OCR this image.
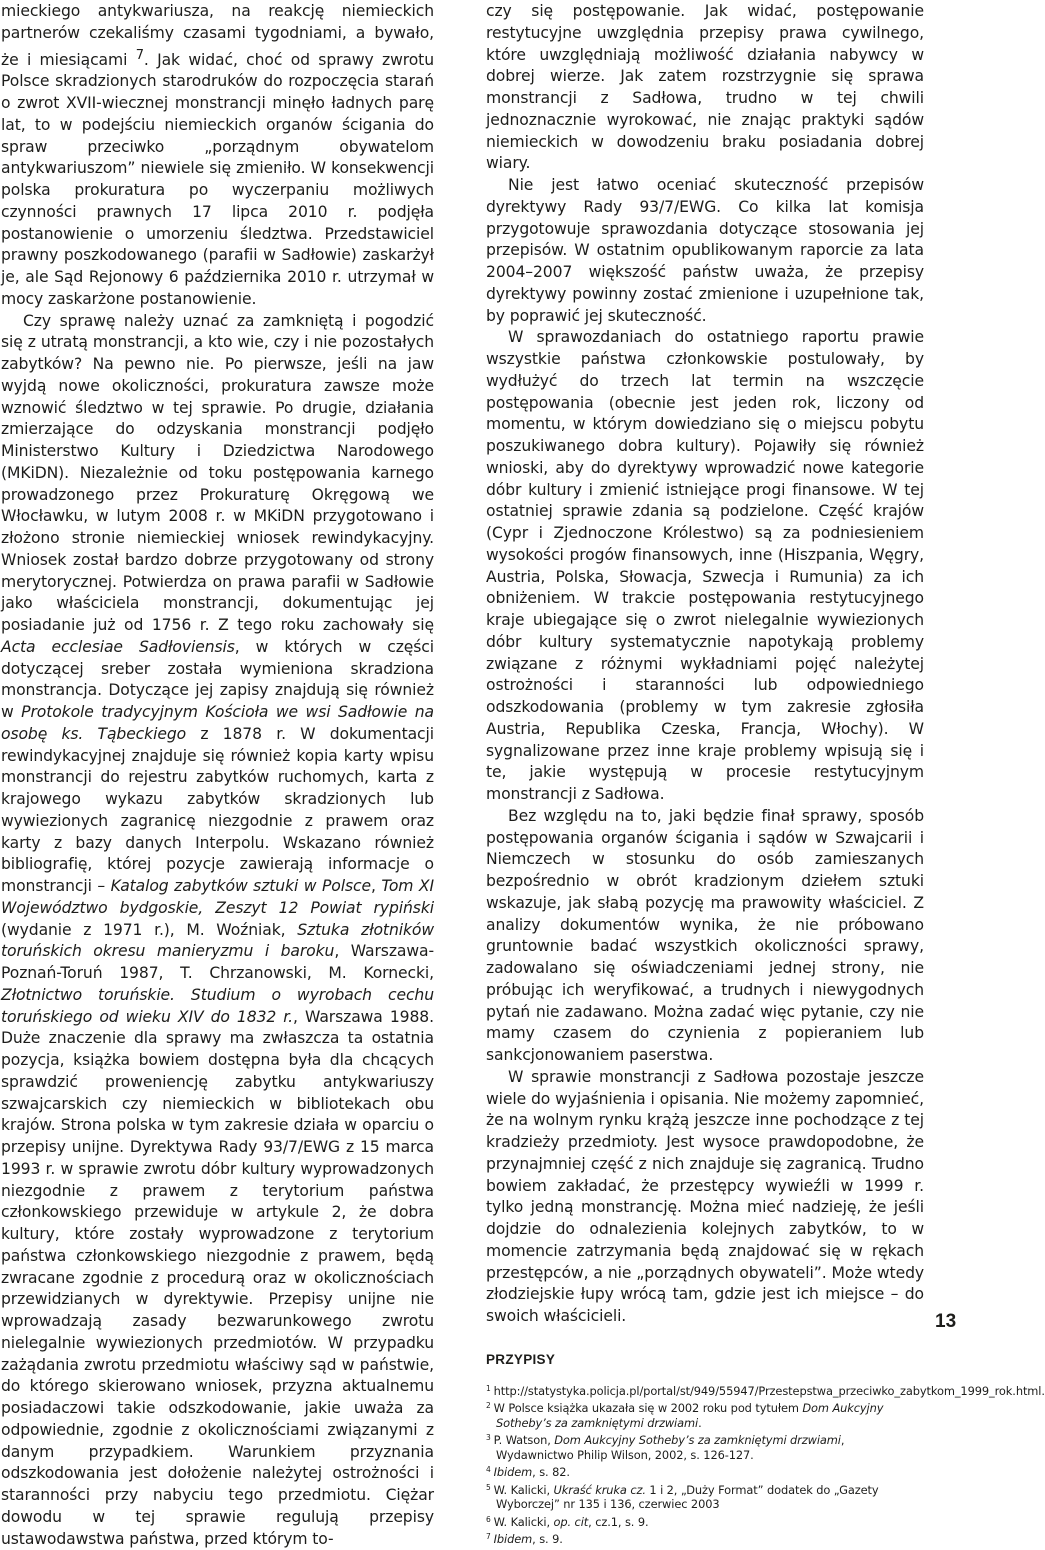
mieckiego antykwariusza, na reakcję niemieckich partnerów czekaliśmy czasami tygodniami, a bywało, że i miesiącami $^7$. Jak widać, choć od sprawy zwrotu Polsce skradzionych starodruków do rozpoczęcia starań o zwrot XVII-wiecznej monstrancji minęło ładnych parę lat, to w podejściu niemieckich organów ścigania do spraw przeciwko „porządnym obywatelom antykwariuszom” niewiele się zmieniło. W konsekwencji polska prokuratura po wyczerpaniu możliwych czynności prawnych 17 lipca 2010 r. podjęła postanowienie o umorzeniu śledztwa. Przedstawiciel prawny poszkodowanego (parafii w Sadłowie) zaskarżył je, ale Sąd Rejonowy 6 października 2010 r. utrzymał w mocy zaskarżone postanowienie.

Czy sprawę należy uznać za zamkniętą i pogodzić się z utratą monstrancji, a kto wie, czy i nie pozostałych zabytków? Na pewno nie. Po pierwsze, jeśli na jaw wyjdą nowe okoliczności, prokuratura zawsze może wznowić śledztwo w tej sprawie. Po drugie, działania zmierzające do odzyskania monstrancji podjęło Ministerstwo Kultury i Dziedzictwa Narodowego (MKiDN). Niezależnie od toku postępowania karnego prowadzonego przez Prokuraturę Okręgową we Włocławku, w lutym 2008 r. w MKiDN przygotowano i złożono stronie niemieckiej wniosek rewindykacyjny. Wniosek został bardzo dobrze przygotowany od strony merytorycznej. Potwierdza on prawa parafii w Sadłowie jako właściciela monstrancji, dokumentując jej posiadanie już od 1756 r. Z tego roku zachowały się Acta ecclesiae Sadłoviensis, w których w części dotyczącej sreber została wymieniona skradziona monstrancja. Dotyczące jej zapisy znajdują się również w Protokole tradycyjnym Kościoła we wsi Sadłowie na osobę ks. Tąbeckiego z 1878 r. W dokumentacji rewindykacyjnej znajduje się również kopia karty wpisu monstrancji do rejestru zabytków ruchomych, karta z krajowego wykazu zabytków skradzionych lub wywiezionych zagranicę niezgodnie z prawem oraz karty z bazy danych Interpolu. Wskazano również bibliografię, której pozycje zawierają informacje o monstrancji – Katalog zabytków sztuki w Polsce, Tom XI Województwo bydgoskie, Zeszyt 12 Powiat rypiński (wydanie z 1971 r.), M. Woźniak, Sztuka złotników toruńskich okresu manieryzmu i baroku, Warszawa-Poznań-Toruń 1987, T. Chrzanowski, M. Kornecki, Złotnictwo toruńskie. Studium o wyrobach cechu toruńskiego od wieku XIV do 1832 r., Warszawa 1988. Duże znaczenie dla sprawy ma zwłaszcza ta ostatnia pozycja, książka bowiem dostępna była dla chcących sprawdzić proweniencję zabytku antykwariuszy szwajcarskich czy niemieckich w bibliotekach obu krajów. Strona polska w tym zakresie działa w oparciu o przepisy unijne. Dyrektywa Rady 93/7/EWG z 15 marca 1993 r. w sprawie zwrotu dóbr kultury wyprowadzonych niezgodnie z prawem z terytorium państwa członkowskiego przewiduje w artykule 2, że dobra kultury, które zostały wyprowadzone z terytorium państwa członkowskiego niezgodnie z prawem, będą zwracane zgodnie z procedurą oraz w okolicznościach przewidzianych w dyrektywie. Przepisy unijne nie wprowadzają zasady bezwarunkowego zwrotu nielegalnie wywiezionych przedmiotów. W przypadku zażądania zwrotu przedmiotu właściwy sąd w państwie, do którego skierowano wniosek, przyzna aktualnemu posiadaczowi takie odszkodowanie, jakie uważa za odpowiednie, zgodnie z okolicznościami związanymi z danym przypadkiem. Warunkiem przyznania odszkodowania jest dołożenie należytej ostrożności i staranności przy nabyciu tego przedmiotu. Ciężar dowodu w tej sprawie regulują przepisy ustawodawstwa państwa, przed którym to-

czy się postępowanie. Jak widać, postępowanie restytucyjne uwzględnia przepisy prawa cywilnego, które uwzględniają możliwość działania nabywcy w dobrej wierze. Jak zatem rozstrzygnie się sprawa monstrancji z Sadłowa, trudno w tej chwili jednoznacznie wyrokować, nie znając praktyki sądów niemieckich w dowodzeniu braku posiadania dobrej wiary.

Nie jest łatwo oceniać skuteczność przepisów dyrektywy Rady 93/7/EWG. Co kilka lat komisja przygotowuje sprawozdania dotyczące stosowania jej przepisów. W ostatnim opublikowanym raporcie za lata 2004–2007 większość państw uważa, że przepisy dyrektywy powinny zostać zmienione i uzupełnione tak, by poprawić jej skuteczność.

W sprawozdaniach do ostatniego raportu prawie wszystkie państwa członkowskie postulowały, by wydłużyć do trzech lat termin na wszczęcie postępowania (obecnie jest jeden rok, liczony od momentu, w którym dowiedziano się o miejscu pobytu poszukiwanego dobra kultury). Pojawiły się również wnioski, aby do dyrektywy wprowadzić nowe kategorie dóbr kultury i zmienić istniejące progi finansowe. W tej ostatniej sprawie zdania są podzielone. Część krajów (Cypr i Zjednoczone Królestwo) są za podniesieniem wysokości progów finansowych, inne (Hiszpania, Węgry, Austria, Polska, Słowacja, Szwecja i Rumunia) za ich obniżeniem. W trakcie postępowania restytucyjnego kraje ubiegające się o zwrot nielegalnie wywiezionych dóbr kultury systematycznie napotykają problemy związane z różnymi wykładniami pojęć należytej ostrożności i staranności lub odpowiedniego odszkodowania (problemy w tym zakresie zgłosiła Austria, Republika Czeska, Francja, Włochy). W sygnalizowane przez inne kraje problemy wpisują się i te, jakie występują w procesie restytucyjnym monstrancji z Sadłowa.

Bez względu na to, jaki będzie finał sprawy, sposób postępowania organów ścigania i sądów w Szwajcarii i Niemczech w stosunku do osób zamieszanych bezpośrednio w obrót kradzionym dziełem sztuki wskazuje, jak słabą pozycję ma prawowity właściciel. Z analizy dokumentów wynika, że nie próbowano gruntownie badać wszystkich okoliczności sprawy, zadowalano się oświadczeniami jednej strony, nie próbując ich weryfikować, a trudnych i niewygodnych pytań nie zadawano. Można zadać więc pytanie, czy nie mamy czasem do czynienia z popieraniem lub sankcjonowaniem paserstwa.

W sprawie monstrancji z Sadłowa pozostaje jeszcze wiele do wyjaśnienia i opisania. Nie możemy zapomnieć, że na wolnym rynku krążą jeszcze inne pochodzące z tej kradzieży przedmioty. Jest wysoce prawdopodobne, że przynajmniej część z nich znajduje się zagranicą. Trudno bowiem zakładać, że przestępcy wywieźli w 1999 r. tylko jedną monstrancję. Można mieć nadzieję, że jeśli dojdzie do odnalezienia kolejnych zabytków, to w momencie zatrzymania będą znajdować się w rękach przestępców, a nie „porządnych obywateli”. Może wtedy złodziejskie łupy wrócą tam, gdzie jest ich miejsce – do swoich właścicieli.

PRZYPISY
$^1$ http://statystyka.policja.pl/portal/st/949/55947/Przestepstwa_przeciwko_zabytkom_1999_rok.html.
$^2$ W Polsce książka ukazała się w 2002 roku pod tytułem Dom Aukcyjny Sotheby’s za zamkniętymi drzwiami.
$^3$ P. Watson, Dom Aukcyjny Sotheby’s za zamkniętymi drzwiami, Wydawnictwo Philip Wilson, 2002, s. 126-127.
$^4$ Ibidem, s. 82.
$^5$ W. Kalicki, Ukraść kruka cz. 1 i 2, „Duży Format” dodatek do „Gazety Wyborczej” nr 135 i 136, czerwiec 2003
$^6$ W. Kalicki, op. cit, cz.1, s. 9.
$^7$ Ibidem, s. 9.
13
